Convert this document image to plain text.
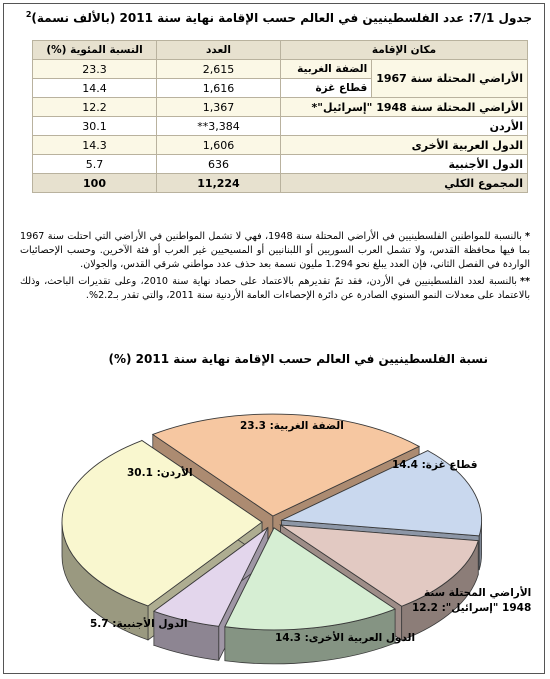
جدول 7/1: عدد الفلسطينيين في العالم حسب الإقامة نهاية سنة 2011 (بالألف نسمة)$^2$
مكان الإقامة		العدد	النسبة المئوية (%)
الأراضي المحتلة سنة 1967	الضفة الغربية	2,615	23.3
	قطاع غزة	1,616	14.4
الأراضي المحتلة سنة 1948 "إسرائيل"*		1,367	12.2
الأردن		3,384**	30.1
الدول العربية الأخرى		1,606	14.3
الدول الأجنبية		636	5.7
المجموع الكلي		11,224	100

*بالنسبة للمواطنين الفلسطينيين في الأراضي المحتلة سنة 1948، فهي لا تشمل المواطنين في الأراضي التي احتلت سنة 1967 بما فيها محافظة القدس، ولا تشمل العرب السوريين أو اللبنانيين أو المسيحيين غير العرب أو فئة الآخرين. وحسب الإحصائيات الواردة في الفصل الثاني، فإن العدد يبلغ نحو 1.294 مليون نسمة بعد حذف عدد مواطني شرقي القدس، والجولان.

**بالنسبة لعدد الفلسطينيين في الأردن، فقد تمّ تقديرهم بالاعتماد على حصاد نهاية سنة 2010، وعلى تقديرات الباحث، وذلك بالاعتماد على معدلات النمو السنوي الصادرة عن دائرة الإحصاءات العامة الأردنية سنة 2011، والتي تقدر بـ2.2%.

نسبة الفلسطينيين في العالم حسب الإقامة نهاية سنة 2011 (%)
الضفة الغربية: 23.3
قطاع غزة: 14.4
الأراضي المحتلة سنة
1948 "إسرائيل": 12.2
الدول العربية الأخرى: 14.3
الدول الأجنبية: 5.7
الأردن: 30.1
